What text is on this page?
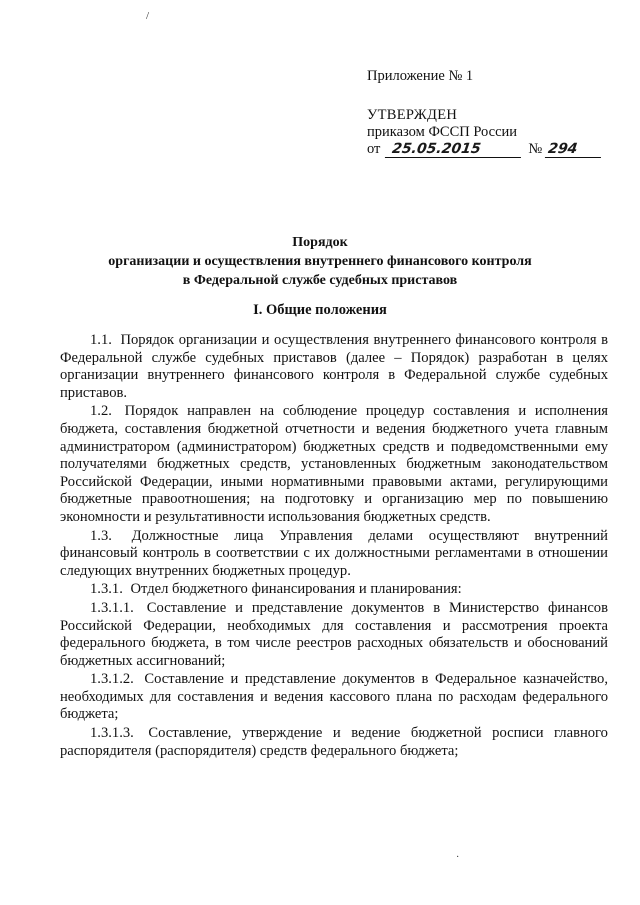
/
Приложение № 1
УТВЕРЖДЕН
приказом ФССП России
от 25.05.2015	№ 294
Порядок
организации и осуществления внутреннего финансового контроля
в Федеральной службе судебных приставов
I. Общие положения

1.1. Порядок организации и осуществления внутреннего финансового контроля в Федеральной службе судебных приставов (далее – Порядок) разработан в целях организации внутреннего финансового контроля в Федеральной службе судебных приставов.

1.2. Порядок направлен на соблюдение процедур составления и исполнения бюджета, составления бюджетной отчетности и ведения бюджетного учета главным администратором (администратором) бюджетных средств и подведомственными ему получателями бюджетных средств, установленных бюджетным законодательством Российской Федерации, иными нормативными правовыми актами, регулирующими бюджетные правоотношения; на подготовку и организацию мер по повышению экономности и результативности использования бюджетных средств.

1.3. Должностные лица Управления делами осуществляют внутренний финансовый контроль в соответствии с их должностными регламентами в отношении следующих внутренних бюджетных процедур.

1.3.1. Отдел бюджетного финансирования и планирования:

1.3.1.1. Составление и представление документов в Министерство финансов Российской Федерации, необходимых для составления и рассмотрения проекта федерального бюджета, в том числе реестров расходных обязательств и обоснований бюджетных ассигнований;

1.3.1.2. Составление и представление документов в Федеральное казначейство, необходимых для составления и ведения кассового плана по расходам федерального бюджета;

1.3.1.3. Составление, утверждение и ведение бюджетной росписи главного распорядителя (распорядителя) средств федерального бюджета;

·
